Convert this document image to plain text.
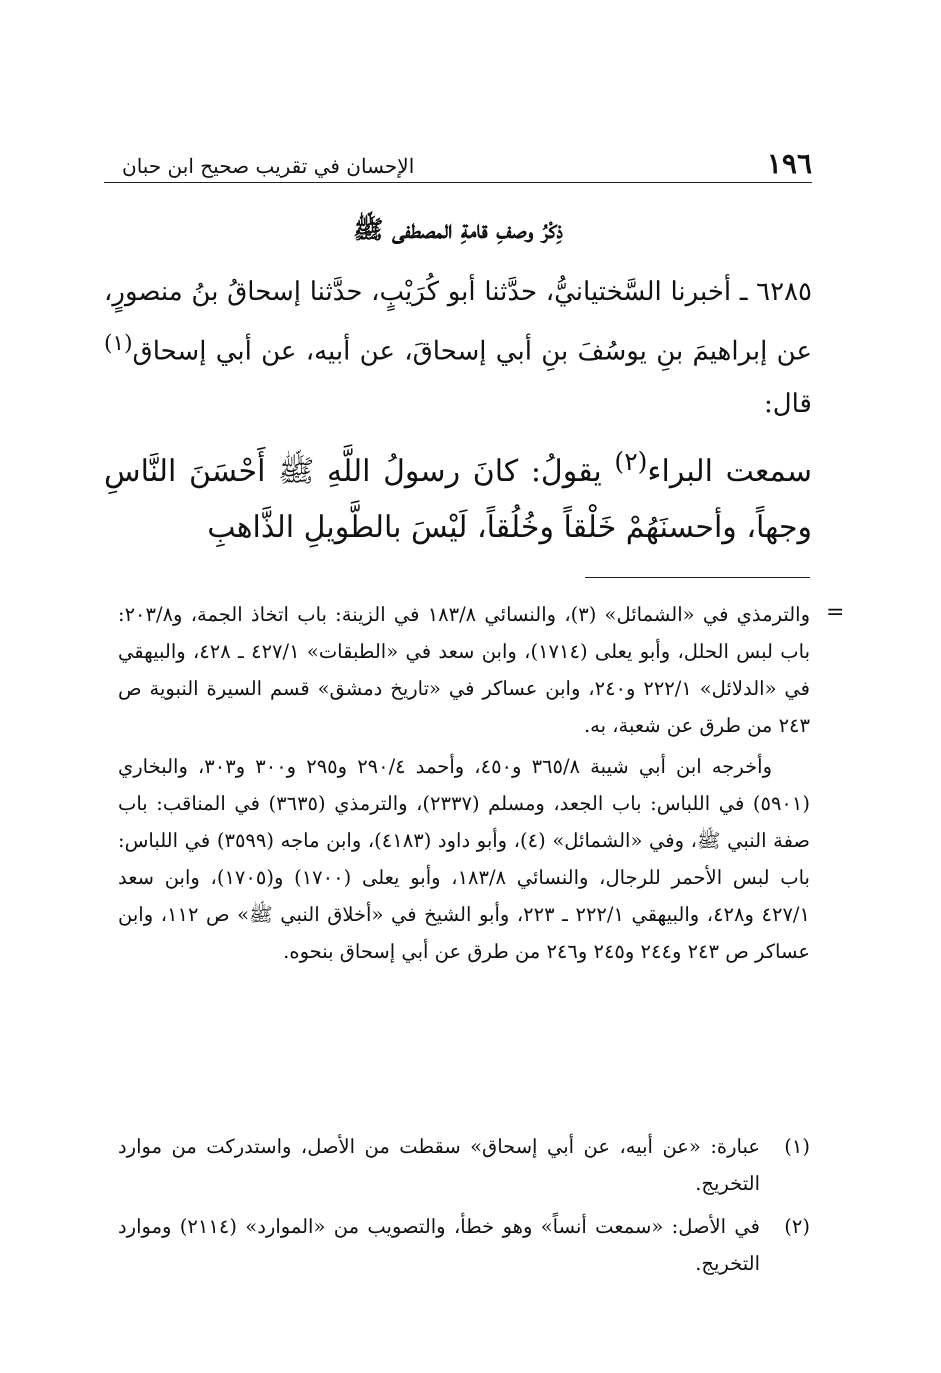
١٩٦
الإحسان في تقريب صحيح ابن حبان
ذِكْرُ وصفِ قامةِ المصطفى ﷺ

٦٢٨٥ ـ أخبرنا السَّختيانيُّ، حدَّثنا أبو كُرَيْبٍ، حدَّثنا إسحاقُ بنُ منصورٍ، عن إبراهيمَ بنِ يوسُفَ بنِ أبي إسحاقَ، عن أبيه، عن أبي إسحاق$^{(١)}$ قال:

سمعت البراء$^{(٢)}$ يقولُ: كانَ رسولُ اللَّهِ ﷺ أَحْسَنَ النَّاسِ وجهاً، وأحسنَهُمْ خَلْقاً وخُلُقاً، لَيْسَ بالطَّويلِ الذَّاهبِ

=

والترمذي في «الشمائل» (٣)، والنسائي ١٨٣/٨ في الزينة: باب اتخاذ الجمة، و٢٠٣/٨: باب لبس الحلل، وأبو يعلى (١٧١٤)، وابن سعد في «الطبقات» ٤٢٧/١ ـ ٤٢٨، والبيهقي في «الدلائل» ٢٢٢/١ و٢٤٠، وابن عساكر في «تاريخ دمشق» قسم السيرة النبوية ص ٢٤٣ من طرق عن شعبة، به.

وأخرجه ابن أبي شيبة ٣٦٥/٨ و٤٥٠، وأحمد ٢٩٠/٤ و٢٩٥ و٣٠٠ و٣٠٣، والبخاري (٥٩٠١) في اللباس: باب الجعد، ومسلم (٢٣٣٧)، والترمذي (٣٦٣٥) في المناقب: باب صفة النبي ﷺ، وفي «الشمائل» (٤)، وأبو داود (٤١٨٣)، وابن ماجه (٣٥٩٩) في اللباس: باب لبس الأحمر للرجال، والنسائي ١٨٣/٨، وأبو يعلى (١٧٠٠) و(١٧٠٥)، وابن سعد ٤٢٧/١ و٤٢٨، والبيهقي ٢٢٢/١ ـ ٢٢٣، وأبو الشيخ في «أخلاق النبي ﷺ» ص ١١٢، وابن عساكر ص ٢٤٣ و٢٤٤ و٢٤٥ و٢٤٦ من طرق عن أبي إسحاق بنحوه.

(١)
عبارة: «عن أبيه، عن أبي إسحاق» سقطت من الأصل، واستدركت من موارد التخريج.

(٢)
في الأصل: «سمعت أنساً» وهو خطأ، والتصويب من «الموارد» (٢١١٤) وموارد التخريج.
